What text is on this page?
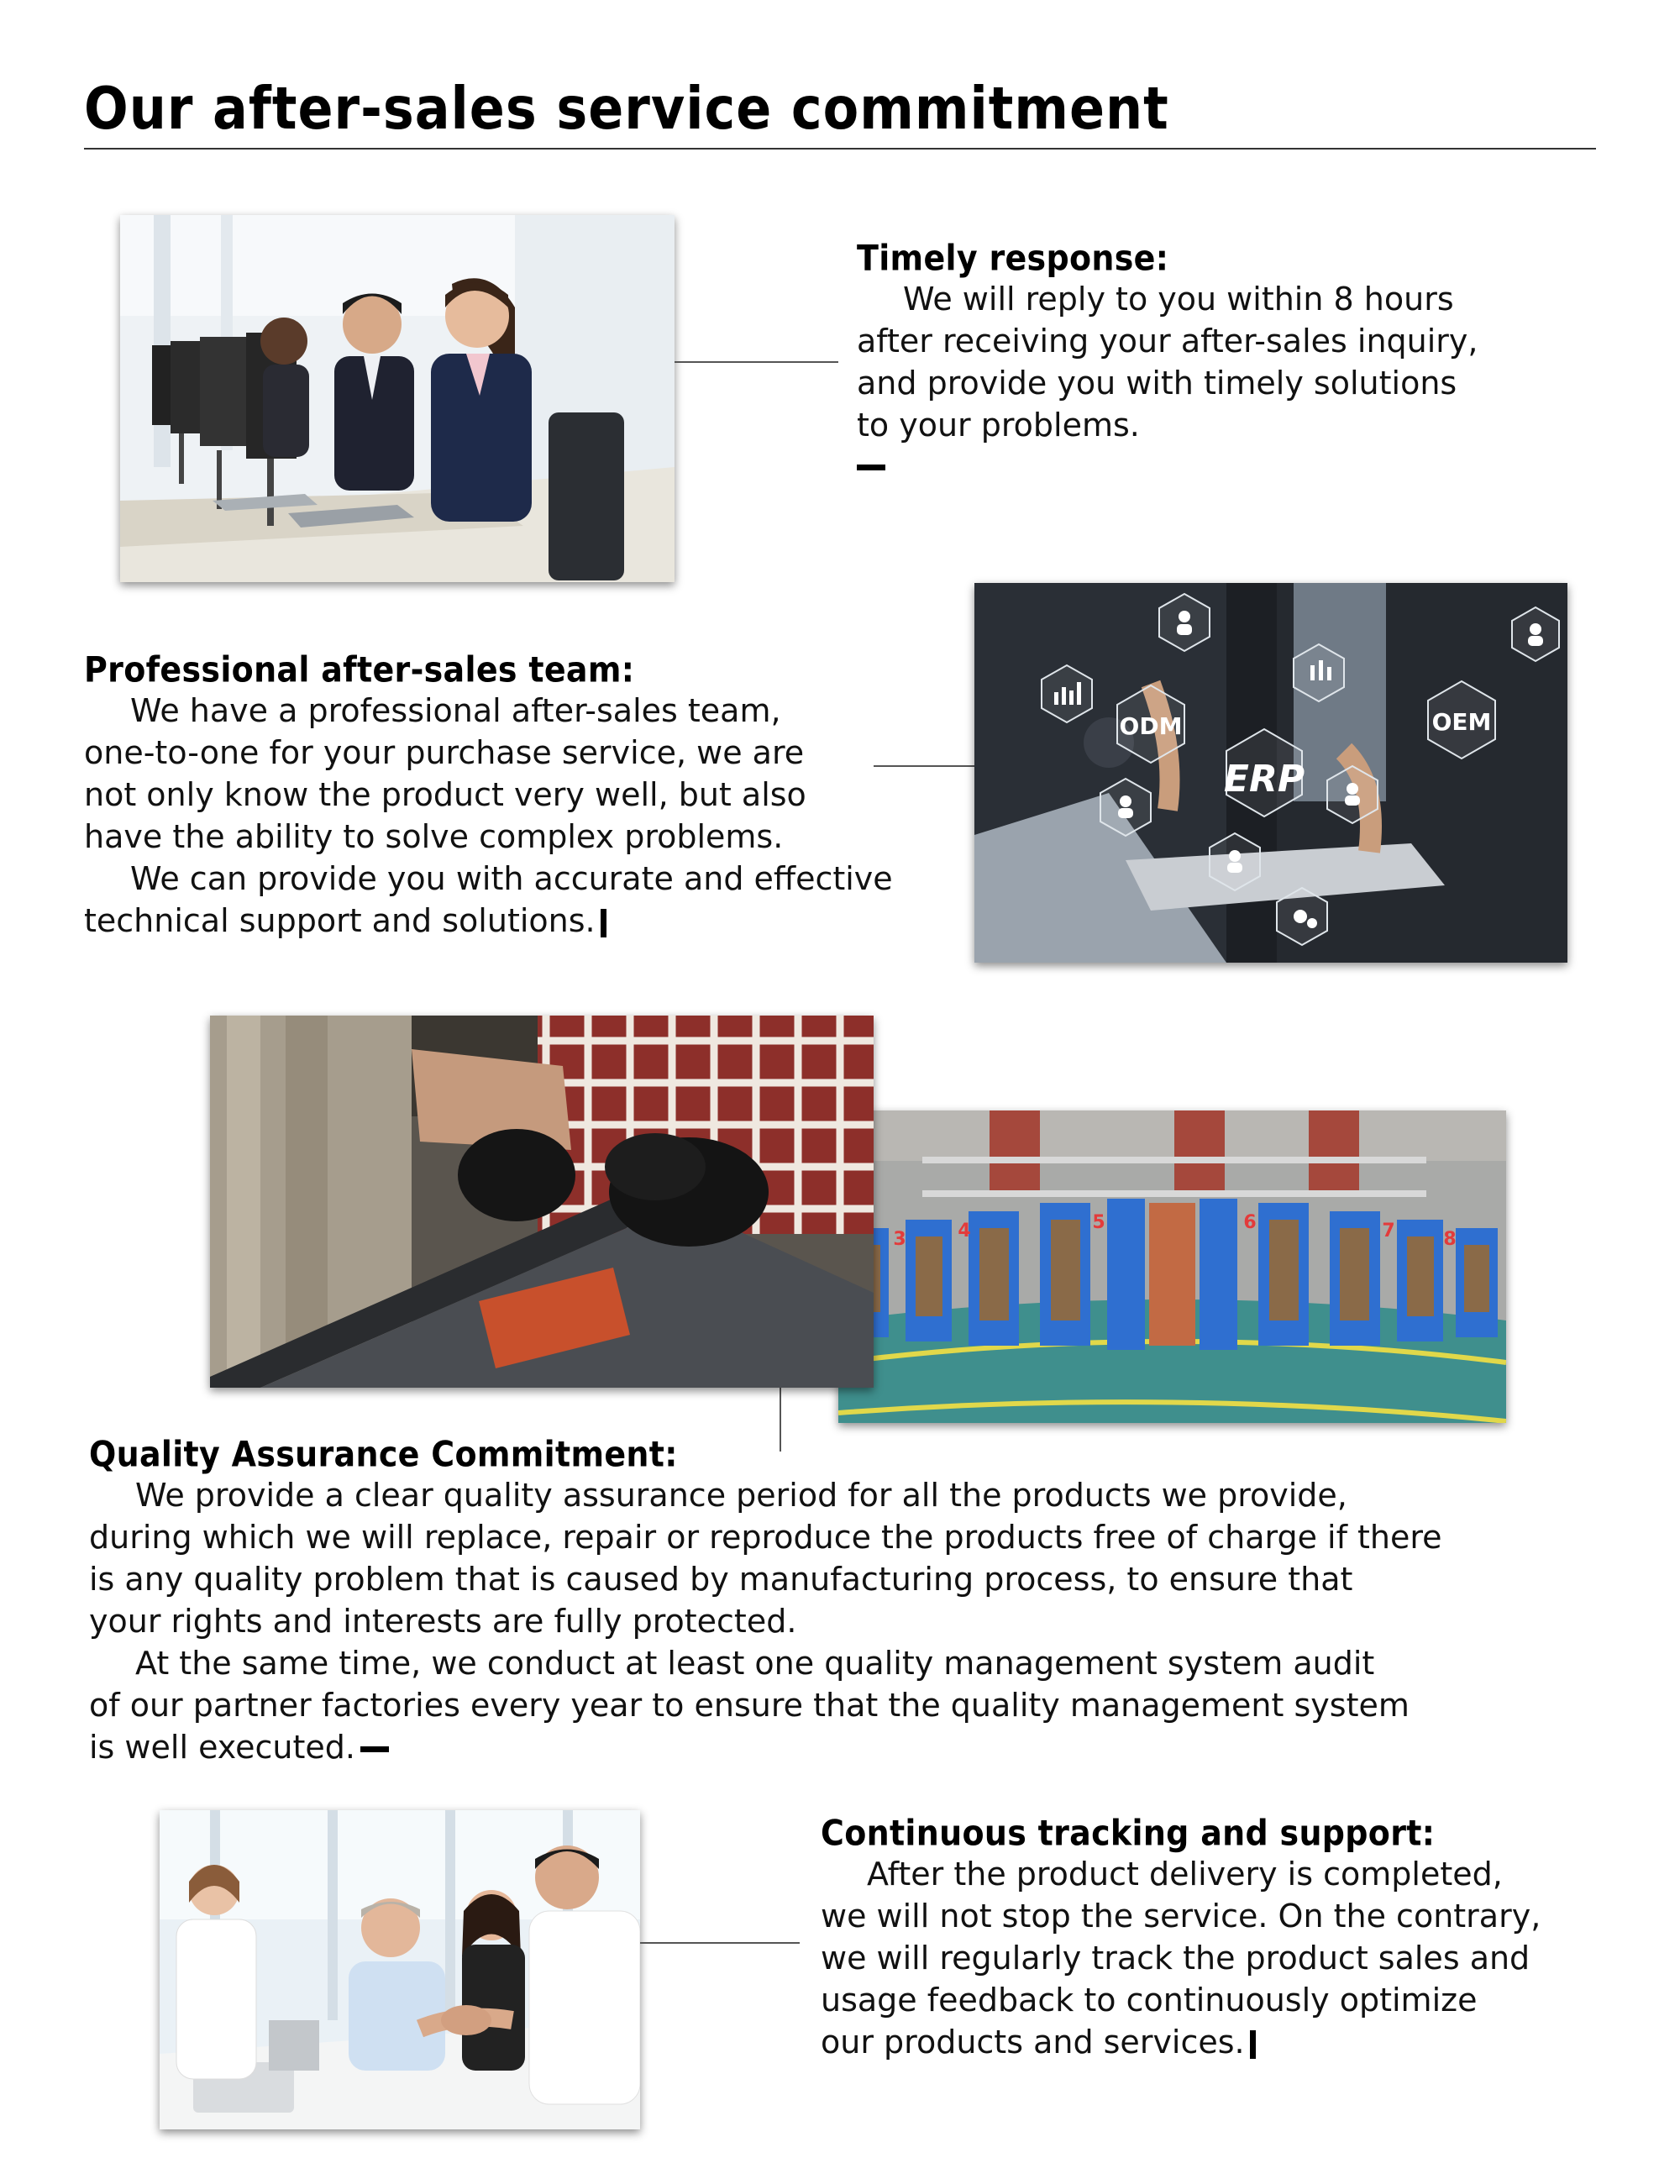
Our after-sales service commitment
Timely response:

We will reply to you within 8 hours
after receiving your after-sales inquiry,
and provide you with timely solutions
to your problems.

Professional after-sales team:

We have a professional after-sales team,
one-to-one for your purchase service, we are
not only know the product very well, but also
have the ability to solve complex problems.

We can provide you with accurate and effective
technical support and solutions.

ODM
ERP
OEM
3	4	5	6	7	8
Quality Assurance Commitment:

We provide a clear quality assurance period for all the products we provide,
during which we will replace, repair or reproduce the products free of charge if there
is any quality problem that is caused by manufacturing process, to ensure that
your rights and interests are fully protected.

At the same time, we conduct at least one quality management system audit
of our partner factories every year to ensure that the quality management system
is well executed.

Continuous tracking and support:

After the product delivery is completed,
we will not stop the service. On the contrary,
we will regularly track the product sales and
usage feedback to continuously optimize
our products and services.
